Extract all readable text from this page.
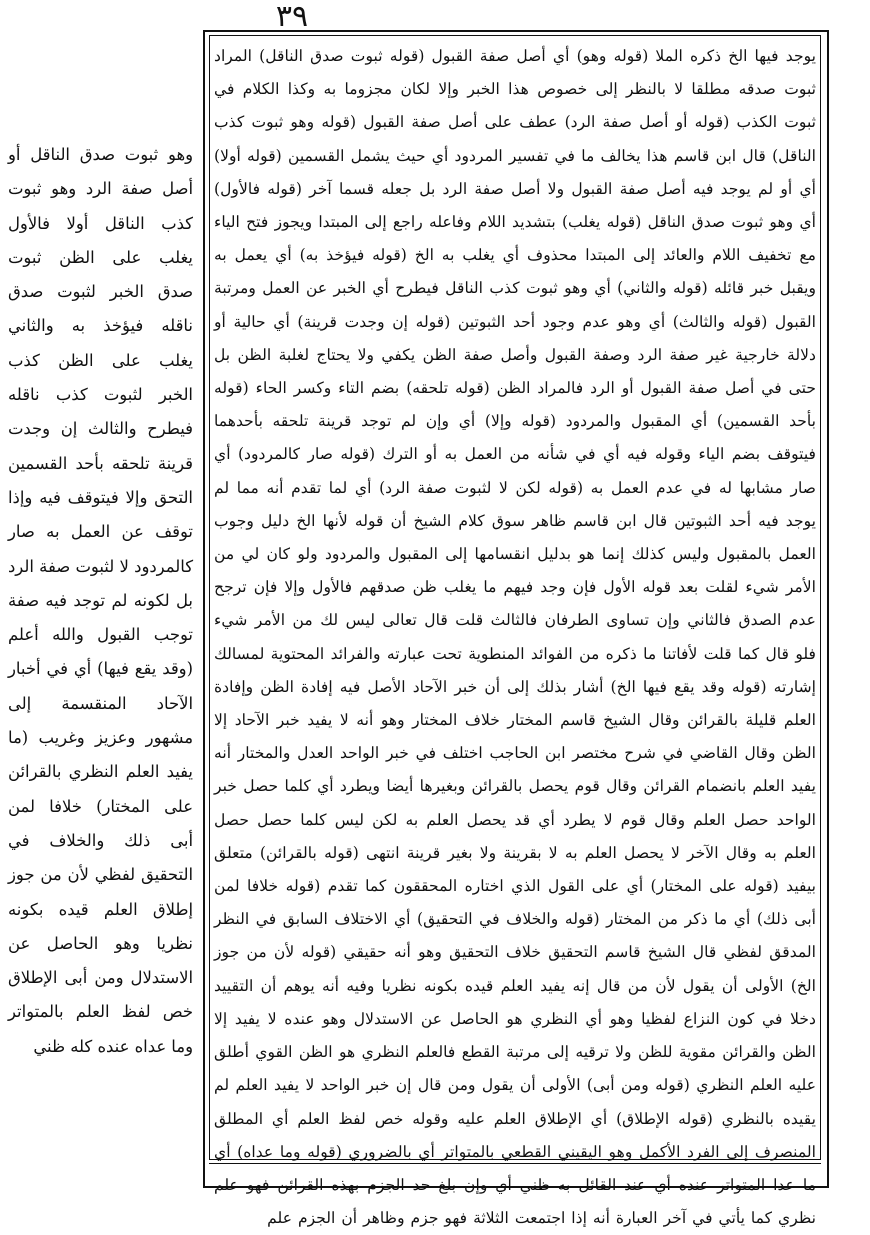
٣٩

يوجد فيها الخ ذكره الملا (قوله وهو) أي أصل صفة القبول (قوله ثبوت صدق الناقل) المراد ثبوت صدقه مطلقا لا بالنظر إلى خصوص هذا الخبر وإلا لكان مجزوما به وكذا الكلام في ثبوت الكذب (قوله أو أصل صفة الرد) عطف على أصل صفة القبول (قوله وهو ثبوت كذب الناقل) قال ابن قاسم هذا يخالف ما في تفسير المردود أي حيث يشمل القسمين (قوله أولا) أي أو لم يوجد فيه أصل صفة القبول ولا أصل صفة الرد بل جعله قسما آخر (قوله فالأول) أي وهو ثبوت صدق الناقل (قوله يغلب) بتشديد اللام وفاعله راجع إلى المبتدا ويجوز فتح الياء مع تخفيف اللام والعائد إلى المبتدا محذوف أي يغلب به الخ (قوله فيؤخذ به) أي يعمل به ويقبل خبر قائله (قوله والثاني) أي وهو ثبوت كذب الناقل فيطرح أي الخبر عن العمل ومرتبة القبول (قوله والثالث) أي وهو عدم وجود أحد الثبوتين (قوله إن وجدت قرينة) أي حالية أو دلالة خارجية غير صفة الرد وصفة القبول وأصل صفة الظن يكفي ولا يحتاج لغلبة الظن بل حتى في أصل صفة القبول أو الرد فالمراد الظن (قوله تلحقه) بضم التاء وكسر الحاء (قوله بأحد القسمين) أي المقبول والمردود (قوله وإلا) أي وإن لم توجد قرينة تلحقه بأحدهما فيتوقف بضم الياء وقوله فيه أي في شأنه من العمل به أو الترك (قوله صار كالمردود) أي صار مشابها له في عدم العمل به (قوله لكن لا لثبوت صفة الرد) أي لما تقدم أنه مما لم يوجد فيه أحد الثبوتين قال ابن قاسم ظاهر سوق كلام الشيخ أن قوله لأنها الخ دليل وجوب العمل بالمقبول وليس كذلك إنما هو بدليل انقسامها إلى المقبول والمردود ولو كان لي من الأمر شيء لقلت بعد قوله الأول فإن وجد فيهم ما يغلب ظن صدقهم فالأول وإلا فإن ترجح عدم الصدق فالثاني وإن تساوى الطرفان فالثالث قلت قال تعالى ليس لك من الأمر شيء فلو قال كما قلت لأفاتنا ما ذكره من الفوائد المنطوية تحت عبارته والفرائد المحتوية لمسالك إشارته (قوله وقد يقع فيها الخ) أشار بذلك إلى أن خبر الآحاد الأصل فيه إفادة الظن وإفادة العلم قليلة بالقرائن وقال الشيخ قاسم المختار خلاف المختار وهو أنه لا يفيد خبر الآحاد إلا الظن وقال القاضي في شرح مختصر ابن الحاجب اختلف في خبر الواحد العدل والمختار أنه يفيد العلم بانضمام القرائن وقال قوم يحصل بالقرائن وبغيرها أيضا ويطرد أي كلما حصل خبر الواحد حصل العلم وقال قوم لا يطرد أي قد يحصل العلم به لكن ليس كلما حصل حصل العلم به وقال الآخر لا يحصل العلم به لا بقرينة ولا بغير قرينة انتهى (قوله بالقرائن) متعلق بيفيد (قوله على المختار) أي على القول الذي اختاره المحققون كما تقدم (قوله خلافا لمن أبى ذلك) أي ما ذكر من المختار (قوله والخلاف في التحقيق) أي الاختلاف السابق في النظر المدقق لفظي قال الشيخ قاسم التحقيق خلاف التحقيق وهو أنه حقيقي (قوله لأن من جوز الخ) الأولى أن يقول لأن من قال إنه يفيد العلم قيده بكونه نظريا وفيه أنه يوهم أن التقييد دخلا في كون النزاع لفظيا وهو أي النظري هو الحاصل عن الاستدلال وهو عنده لا يفيد إلا الظن والقرائن مقوية للظن ولا ترقيه إلى مرتبة القطع فالعلم النظري هو الظن القوي أطلق عليه العلم النظري (قوله ومن أبى) الأولى أن يقول ومن قال إن خبر الواحد لا يفيد العلم لم يقيده بالنظري (قوله الإطلاق) أي الإطلاق العلم عليه وقوله خص لفظ العلم أي المطلق المنصرف إلى الفرد الأكمل وهو اليقيني القطعي بالمتواتر أي بالضروري (قوله وما عداه) أي ما عدا المتواتر عنده أي عند القائل به ظني أي وإن بلغ حد الجزم بهذه القرائن فهو علم نظري كما يأتي في آخر العبارة أنه إذا اجتمعت الثلاثة فهو جزم وظاهر أن الجزم علم

وهو ثبوت صدق الناقل أو أصل صفة الرد وهو ثبوت كذب الناقل أولا فالأول يغلب على الظن ثبوت صدق الخبر لثبوت صدق ناقله فيؤخذ به والثاني يغلب على الظن كذب الخبر لثبوت كذب ناقله فيطرح والثالث إن وجدت قرينة تلحقه بأحد القسمين التحق وإلا فيتوقف فيه وإذا توقف عن العمل به صار كالمردود لا لثبوت صفة الرد بل لكونه لم توجد فيه صفة توجب القبول والله أعلم (وقد يقع فيها) أي في أخبار الآحاد المنقسمة إلى مشهور وعزيز وغريب (ما يفيد العلم النظري بالقرائن على المختار) خلافا لمن أبى ذلك والخلاف في التحقيق لفظي لأن من جوز إطلاق العلم قيده بكونه نظريا وهو الحاصل عن الاستدلال ومن أبى الإطلاق خص لفظ العلم بالمتواتر وما عداه عنده كله ظني
